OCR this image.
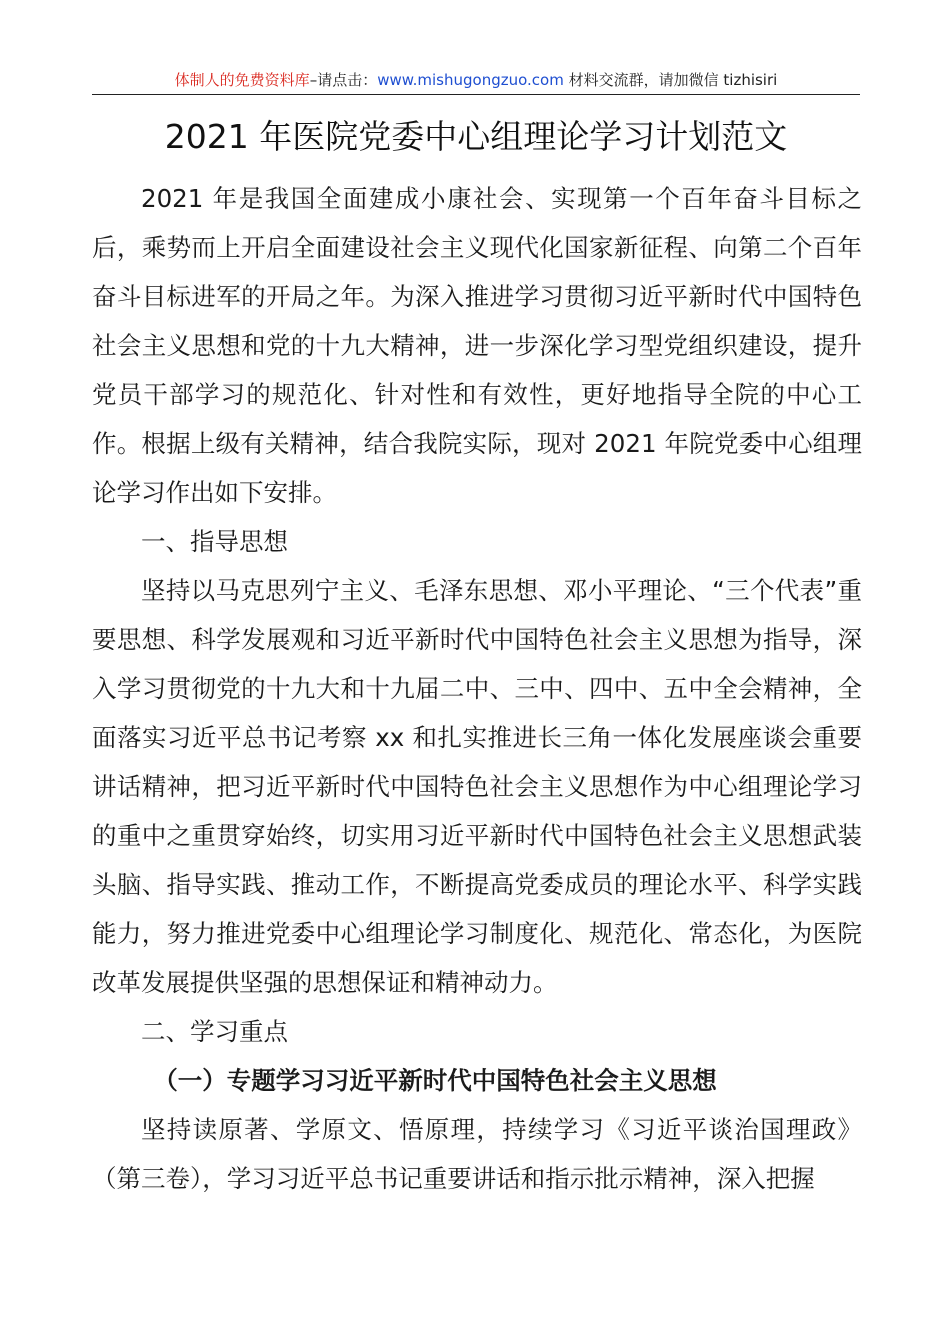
体制人的免费资料库–请点击：www.mishugongzuo.com 材料交流群，请加微信 tizhisiri
2021 年医院党委中心组理论学习计划范文

2021 年是我国全面建成小康社会、实现第一个百年奋斗目标之后，乘势而上开启全面建设社会主义现代化国家新征程、向第二个百年奋斗目标进军的开局之年。为深入推进学习贯彻习近平新时代中国特色社会主义思想和党的十九大精神，进一步深化学习型党组织建设，提升党员干部学习的规范化、针对性和有效性，更好地指导全院的中心工作。根据上级有关精神，结合我院实际，现对 2021 年院党委中心组理论学习作出如下安排。

一、指导思想

坚持以马克思列宁主义、毛泽东思想、邓小平理论、“三个代表”重要思想、科学发展观和习近平新时代中国特色社会主义思想为指导，深入学习贯彻党的十九大和十九届二中、三中、四中、五中全会精神，全面落实习近平总书记考察 xx 和扎实推进长三角一体化发展座谈会重要讲话精神，把习近平新时代中国特色社会主义思想作为中心组理论学习的重中之重贯穿始终，切实用习近平新时代中国特色社会主义思想武装头脑、指导实践、推动工作，不断提高党委成员的理论水平、科学实践能力，努力推进党委中心组理论学习制度化、规范化、常态化，为医院改革发展提供坚强的思想保证和精神动力。

二、学习重点

（一）专题学习习近平新时代中国特色社会主义思想

坚持读原著、学原文、悟原理，持续学习《习近平谈治国理政》（第三卷），学习习近平总书记重要讲话和指示批示精神，深入把握
